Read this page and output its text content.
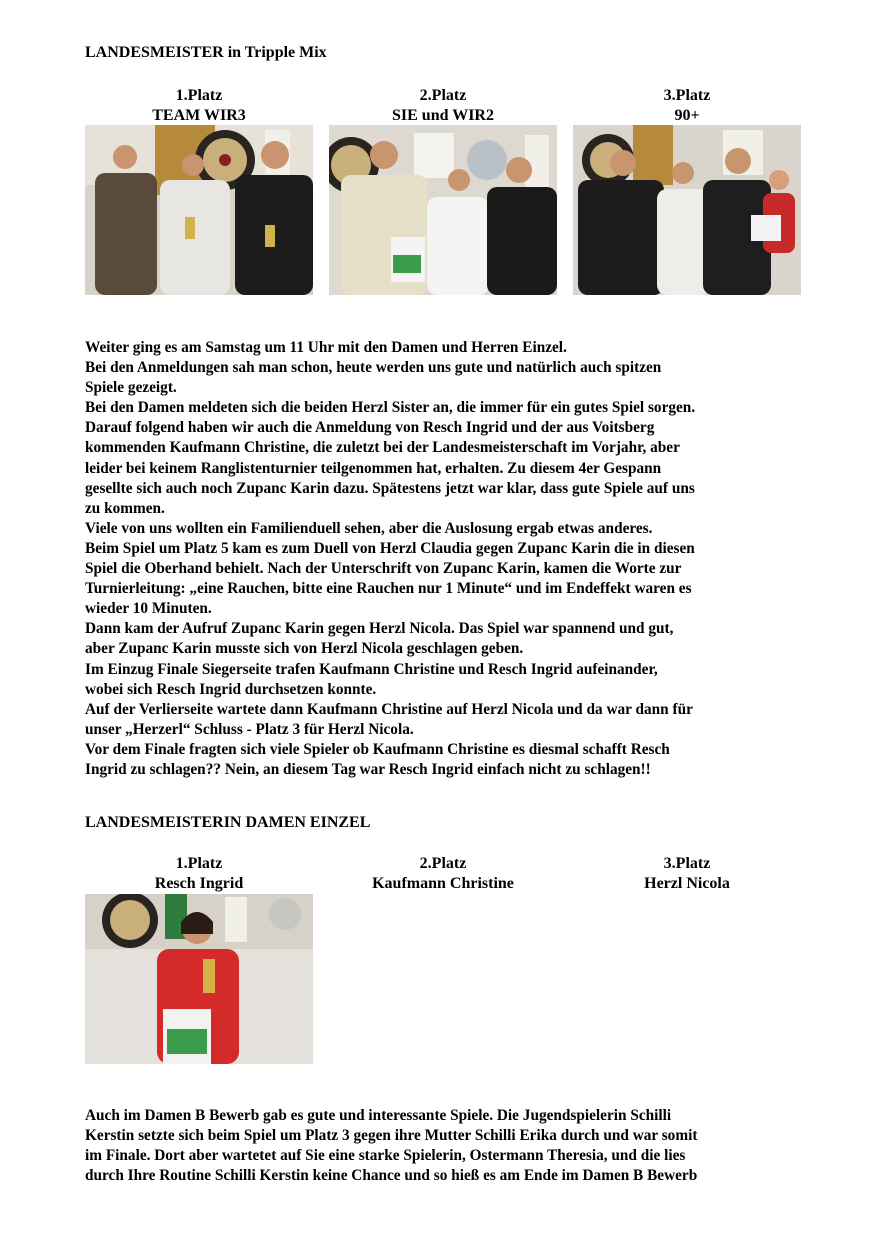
LANDESMEISTER in Tripple Mix
1.Platz
TEAM WIR3
2.Platz
SIE und WIR2
3.Platz
90+

Weiter ging es am Samstag um 11 Uhr mit den Damen und Herren Einzel.
Bei den Anmeldungen sah man schon, heute werden uns gute und natürlich auch spitzen
Spiele gezeigt.
Bei den Damen meldeten sich die beiden Herzl Sister an, die immer für ein gutes Spiel sorgen.
Darauf folgend haben wir auch die Anmeldung von Resch Ingrid und der aus Voitsberg
kommenden Kaufmann Christine, die zuletzt bei der Landesmeisterschaft im Vorjahr, aber
leider bei keinem Ranglistenturnier teilgenommen hat, erhalten. Zu diesem 4er Gespann
gesellte sich auch noch Zupanc Karin dazu. Spätestens jetzt war klar, dass gute Spiele auf uns
zu kommen.
Viele von uns wollten ein Familienduell sehen, aber die Auslosung ergab etwas anderes.
Beim Spiel um Platz 5 kam es zum Duell von Herzl Claudia gegen Zupanc Karin die in diesen
Spiel die Oberhand behielt. Nach der Unterschrift von Zupanc Karin, kamen die Worte zur
Turnierleitung: „eine Rauchen, bitte eine Rauchen nur 1 Minute“ und im Endeffekt waren es
wieder 10 Minuten.
Dann kam der Aufruf Zupanc Karin gegen Herzl Nicola. Das Spiel war spannend und gut,
aber Zupanc Karin musste sich von Herzl Nicola geschlagen geben.
Im Einzug Finale Siegerseite trafen Kaufmann Christine und Resch Ingrid aufeinander,
wobei sich Resch Ingrid durchsetzen konnte.
Auf der Verlierseite wartete dann Kaufmann Christine auf Herzl Nicola und da war dann für
unser „Herzerl“ Schluss - Platz 3 für Herzl Nicola.
Vor dem Finale fragten sich viele Spieler ob Kaufmann Christine es diesmal schafft Resch
Ingrid zu schlagen?? Nein, an diesem Tag war Resch Ingrid einfach nicht zu schlagen!!

LANDESMEISTERIN DAMEN EINZEL
1.Platz
Resch Ingrid
2.Platz
Kaufmann Christine
3.Platz
Herzl Nicola

Auch im Damen B Bewerb gab es gute und interessante Spiele. Die Jugendspielerin Schilli
Kerstin setzte sich beim Spiel um Platz 3 gegen ihre Mutter Schilli Erika durch und war somit
im Finale. Dort aber wartetet auf Sie eine starke Spielerin, Ostermann Theresia, und die lies
durch Ihre Routine Schilli Kerstin keine Chance und so hieß es am Ende im Damen B Bewerb
